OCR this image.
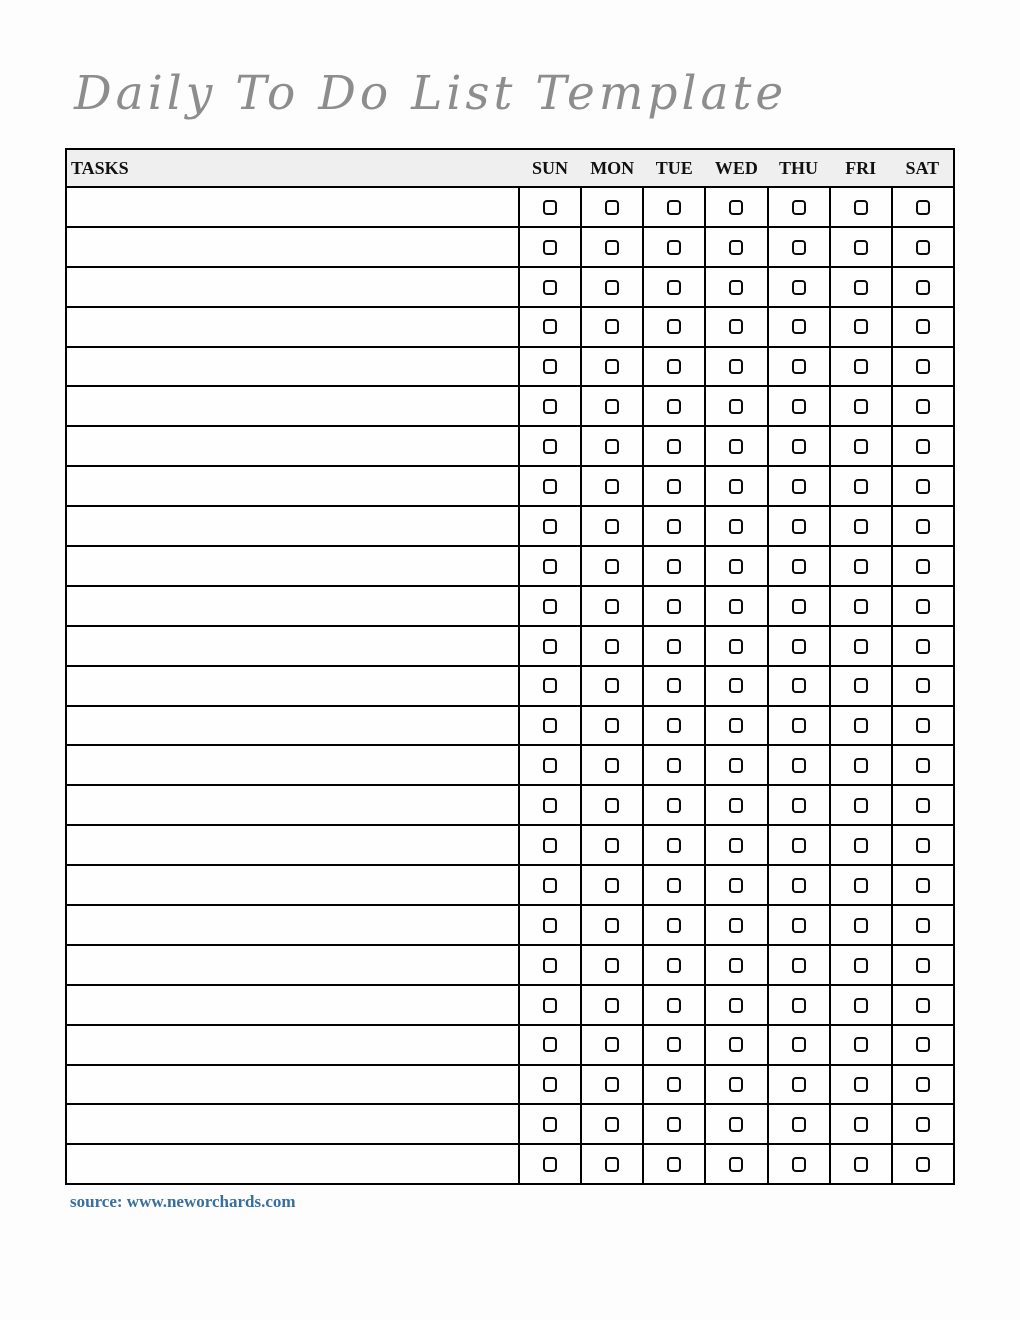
Daily To Do List Template
TASKS	SUN	MON	TUE	WED	THU	FRI	SAT

source: www.neworchards.com
